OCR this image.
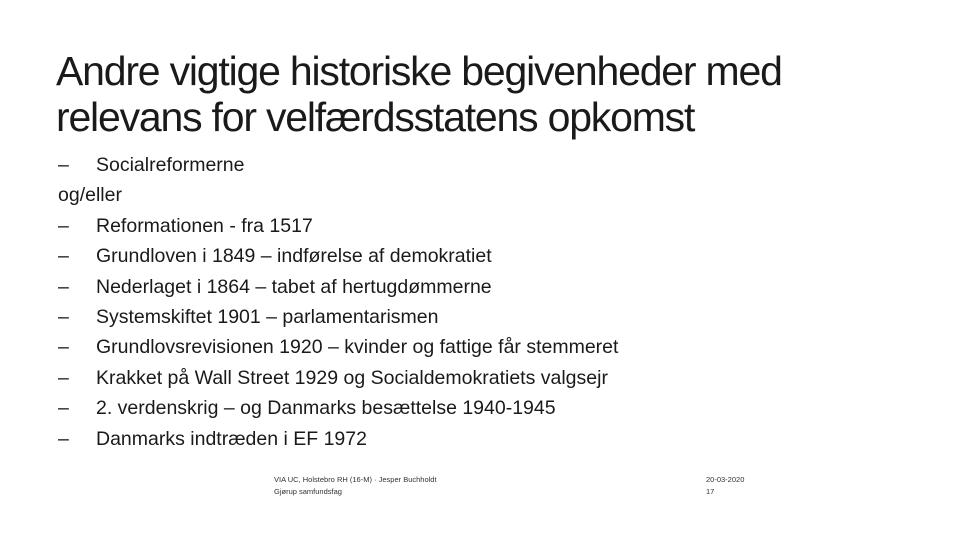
Andre vigtige historiske begivenheder med
relevans for velfærdsstatens opkomst
–	Socialreformerne
og/eller
–	Reformationen - fra 1517
–	Grundloven i 1849 – indførelse af demokratiet
–	Nederlaget i 1864 – tabet af hertugdømmerne
–	Systemskiftet 1901 – parlamentarismen
–	Grundlovsrevisionen 1920 – kvinder og fattige får stemmeret
–	Krakket på Wall Street 1929 og Socialdemokratiets valgsejr
–	2. verdenskrig – og Danmarks besættelse 1940-1945
–	Danmarks indtræden i EF 1972
VIA UC, Holstebro RH (16-M) · Jesper Buchholdt
Gjørup samfundsfag
20-03-2020
17
